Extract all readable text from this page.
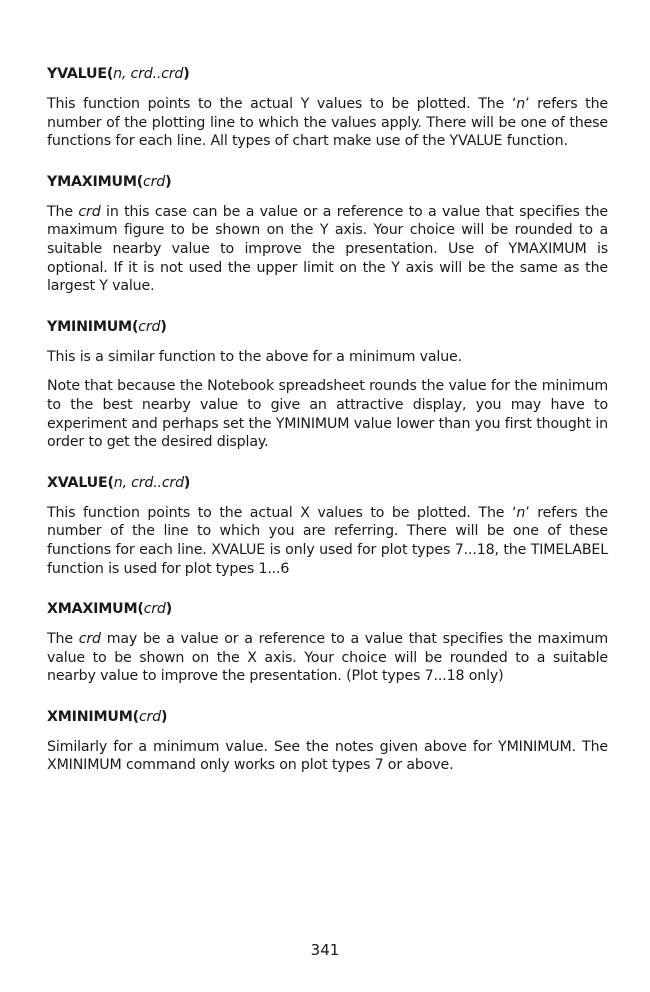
YVALUE(n, crd..crd)

This function points to the actual Y values to be plotted. The ‘n’ refers the number of the plotting line to which the values apply. There will be one of these functions for each line. All types of chart make use of the YVALUE function.

YMAXIMUM(crd)

The crd in this case can be a value or a reference to a value that specifies the maximum figure to be shown on the Y axis. Your choice will be rounded to a suitable nearby value to improve the presentation. Use of YMAXIMUM is optional. If it is not used the upper limit on the Y axis will be the same as the largest Y value.

YMINIMUM(crd)

This is a similar function to the above for a minimum value.

Note that because the Notebook spreadsheet rounds the value for the minimum to the best nearby value to give an attractive display, you may have to experiment and perhaps set the YMINIMUM value lower than you first thought in order to get the desired display.

XVALUE(n, crd..crd)

This function points to the actual X values to be plotted. The ‘n’ refers the number of the line to which you are referring. There will be one of these functions for each line. XVALUE is only used for plot types 7...18, the TIMELABEL function is used for plot types 1...6

XMAXIMUM(crd)

The crd may be a value or a reference to a value that specifies the maximum value to be shown on the X axis. Your choice will be rounded to a suitable nearby value to improve the presentation. (Plot types 7...18 only)

XMINIMUM(crd)

Similarly for a minimum value. See the notes given above for YMINIMUM. The XMINIMUM command only works on plot types 7 or above.

341
